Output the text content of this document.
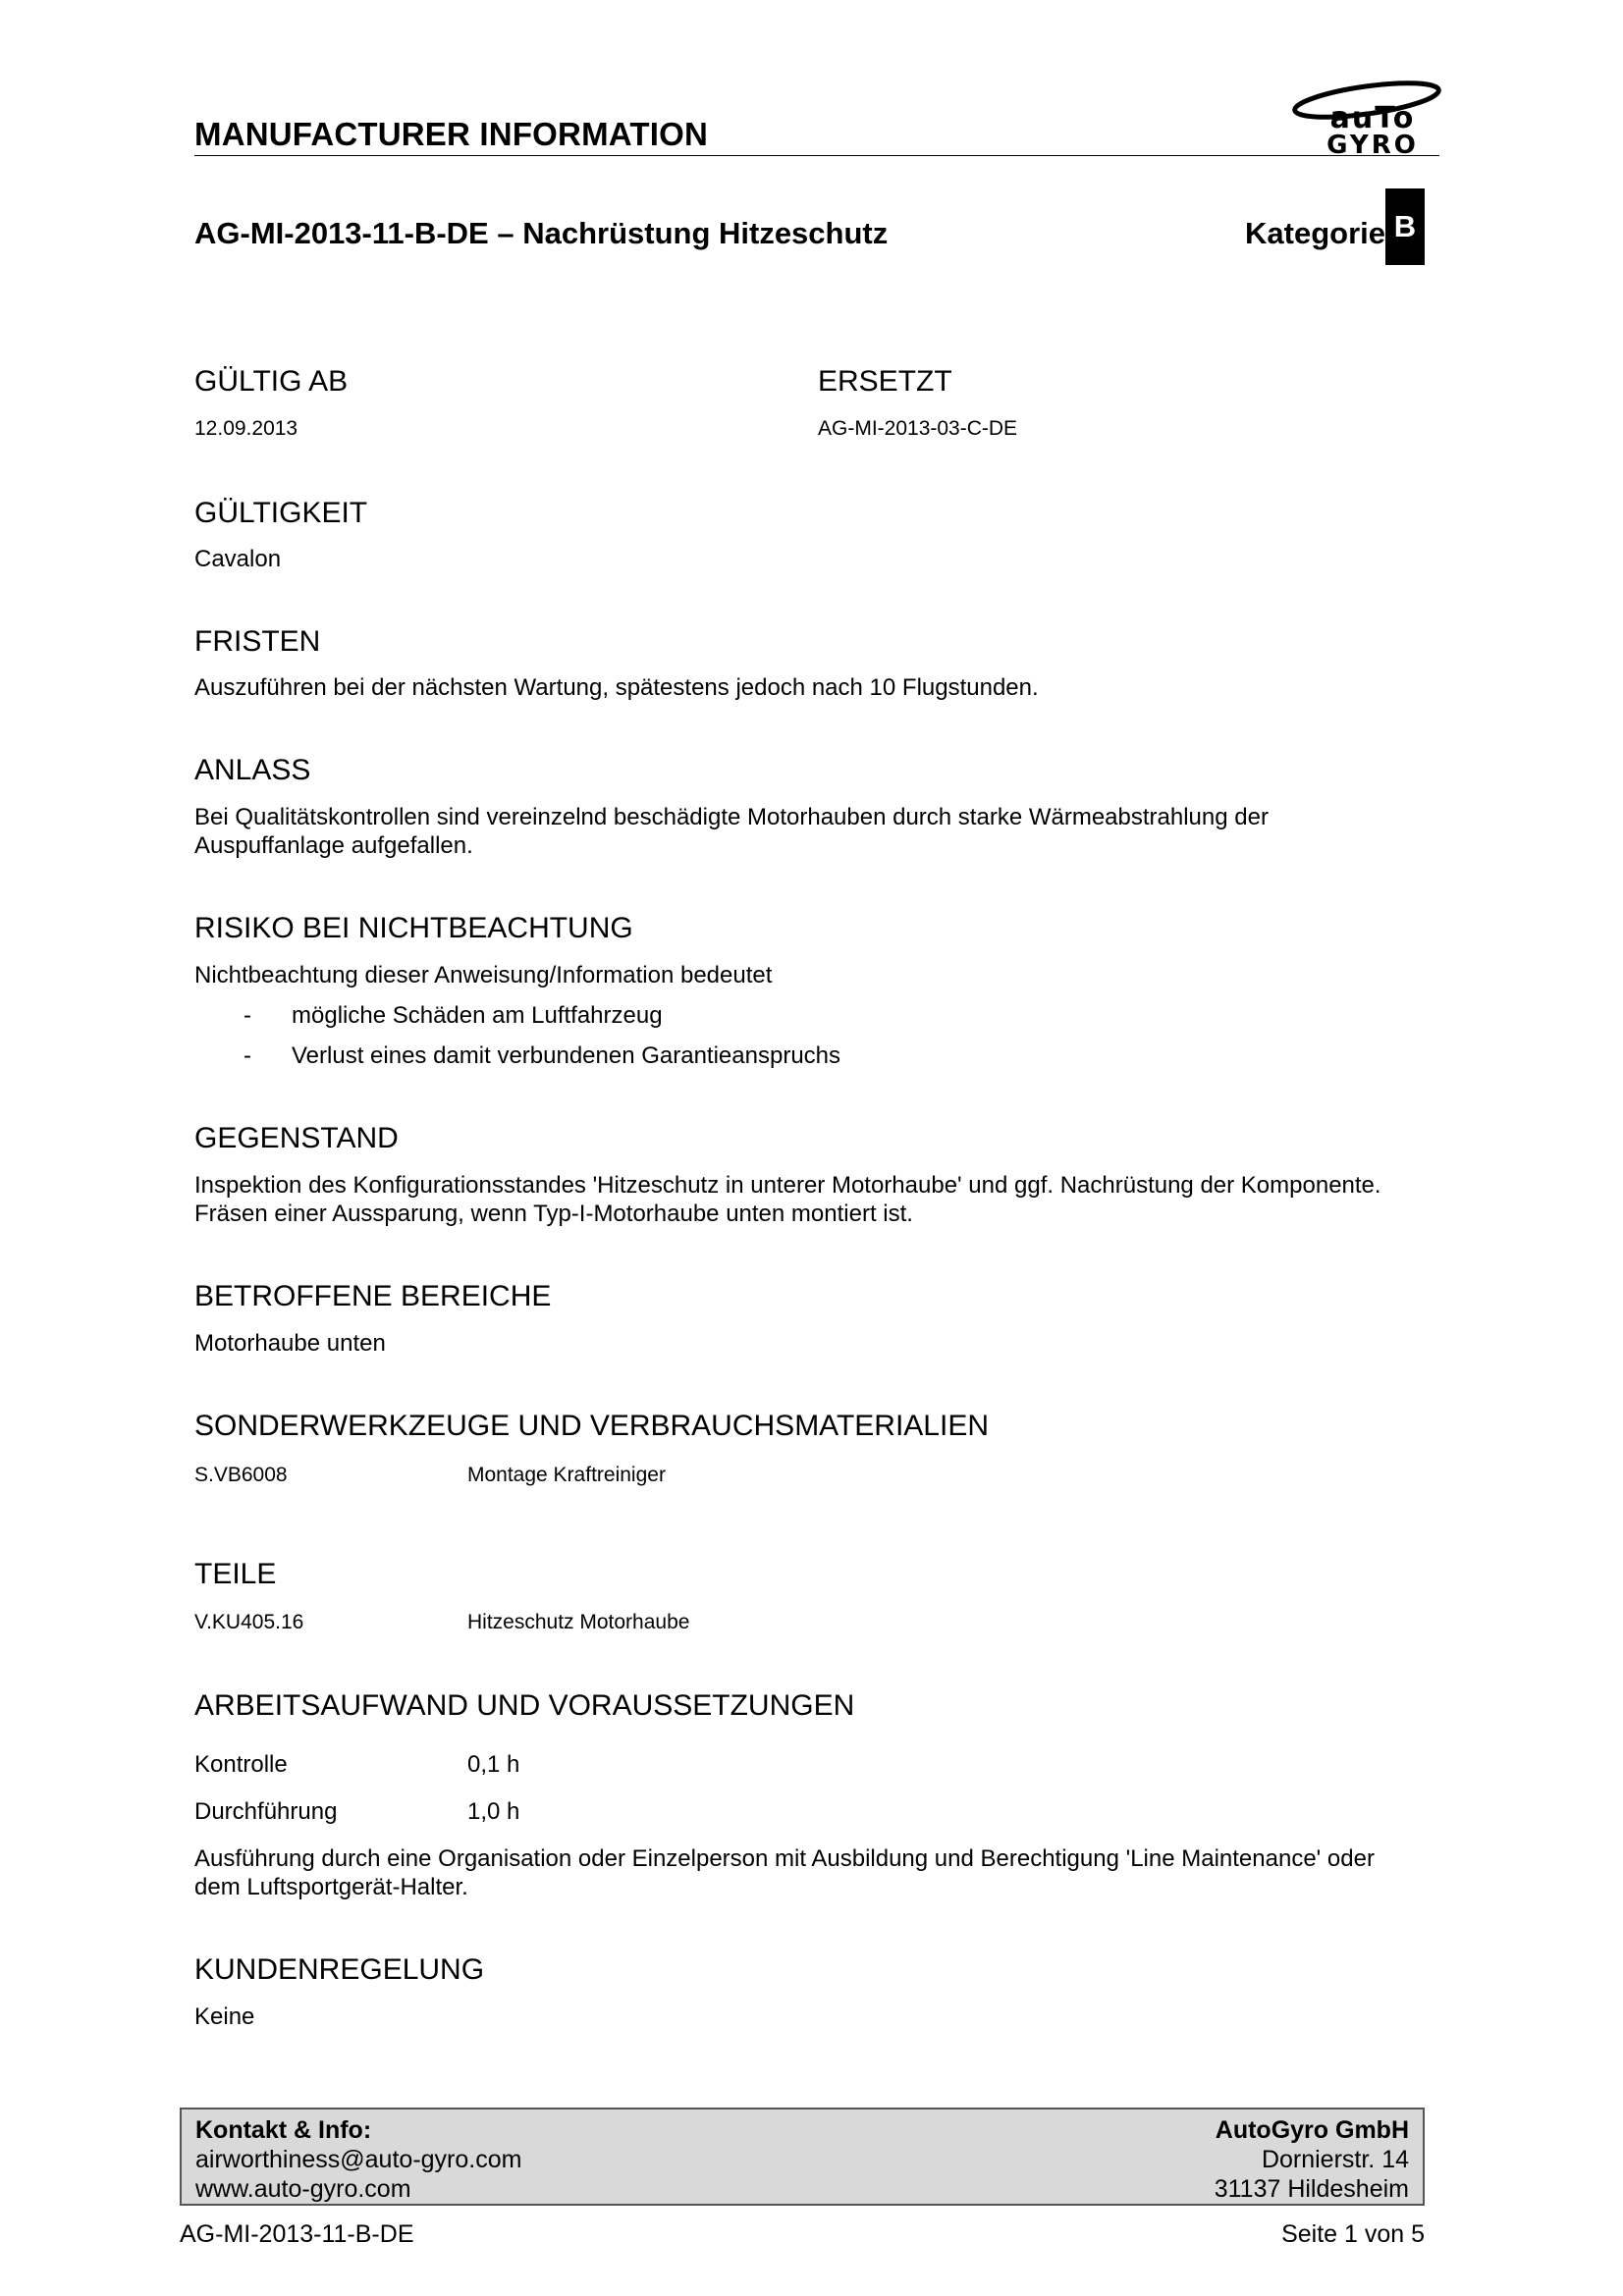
MANUFACTURER INFORMATION	auTo
GYRO
AG-MI-2013-11-B-DE – Nachrüstung Hitzeschutz	Kategorie B
GÜLTIG AB
12.09.2013
ERSETZT
AG-MI-2013-03-C-DE
GÜLTIGKEIT
Cavalon
FRISTEN
Auszuführen bei der nächsten Wartung, spätestens jedoch nach 10 Flugstunden.
ANLASS
Bei Qualitätskontrollen sind vereinzelnd beschädigte Motorhauben durch starke Wärmeabstrahlung der
Auspuffanlage aufgefallen.
RISIKO BEI NICHTBEACHTUNG
Nichtbeachtung dieser Anweisung/Information bedeutet
- mögliche Schäden am Luftfahrzeug
- Verlust eines damit verbundenen Garantieanspruchs
GEGENSTAND
Inspektion des Konfigurationsstandes 'Hitzeschutz in unterer Motorhaube' und ggf. Nachrüstung der Komponente.
Fräsen einer Aussparung, wenn Typ-I-Motorhaube unten montiert ist.
BETROFFENE BEREICHE
Motorhaube unten
SONDERWERKZEUGE UND VERBRAUCHSMATERIALIEN
S.VB6008	Montage Kraftreiniger
TEILE
V.KU405.16	Hitzeschutz Motorhaube
ARBEITSAUFWAND UND VORAUSSETZUNGEN
Kontrolle	0,1 h
Durchführung	1,0 h
Ausführung durch eine Organisation oder Einzelperson mit Ausbildung und Berechtigung 'Line Maintenance' oder
dem Luftsportgerät-Halter.
KUNDENREGELUNG
Keine
Kontakt & Info:
airworthiness@auto-gyro.com
www.auto-gyro.com
AutoGyro GmbH
Dornierstr. 14
31137 Hildesheim
AG-MI-2013-11-B-DE	Seite 1 von 5
